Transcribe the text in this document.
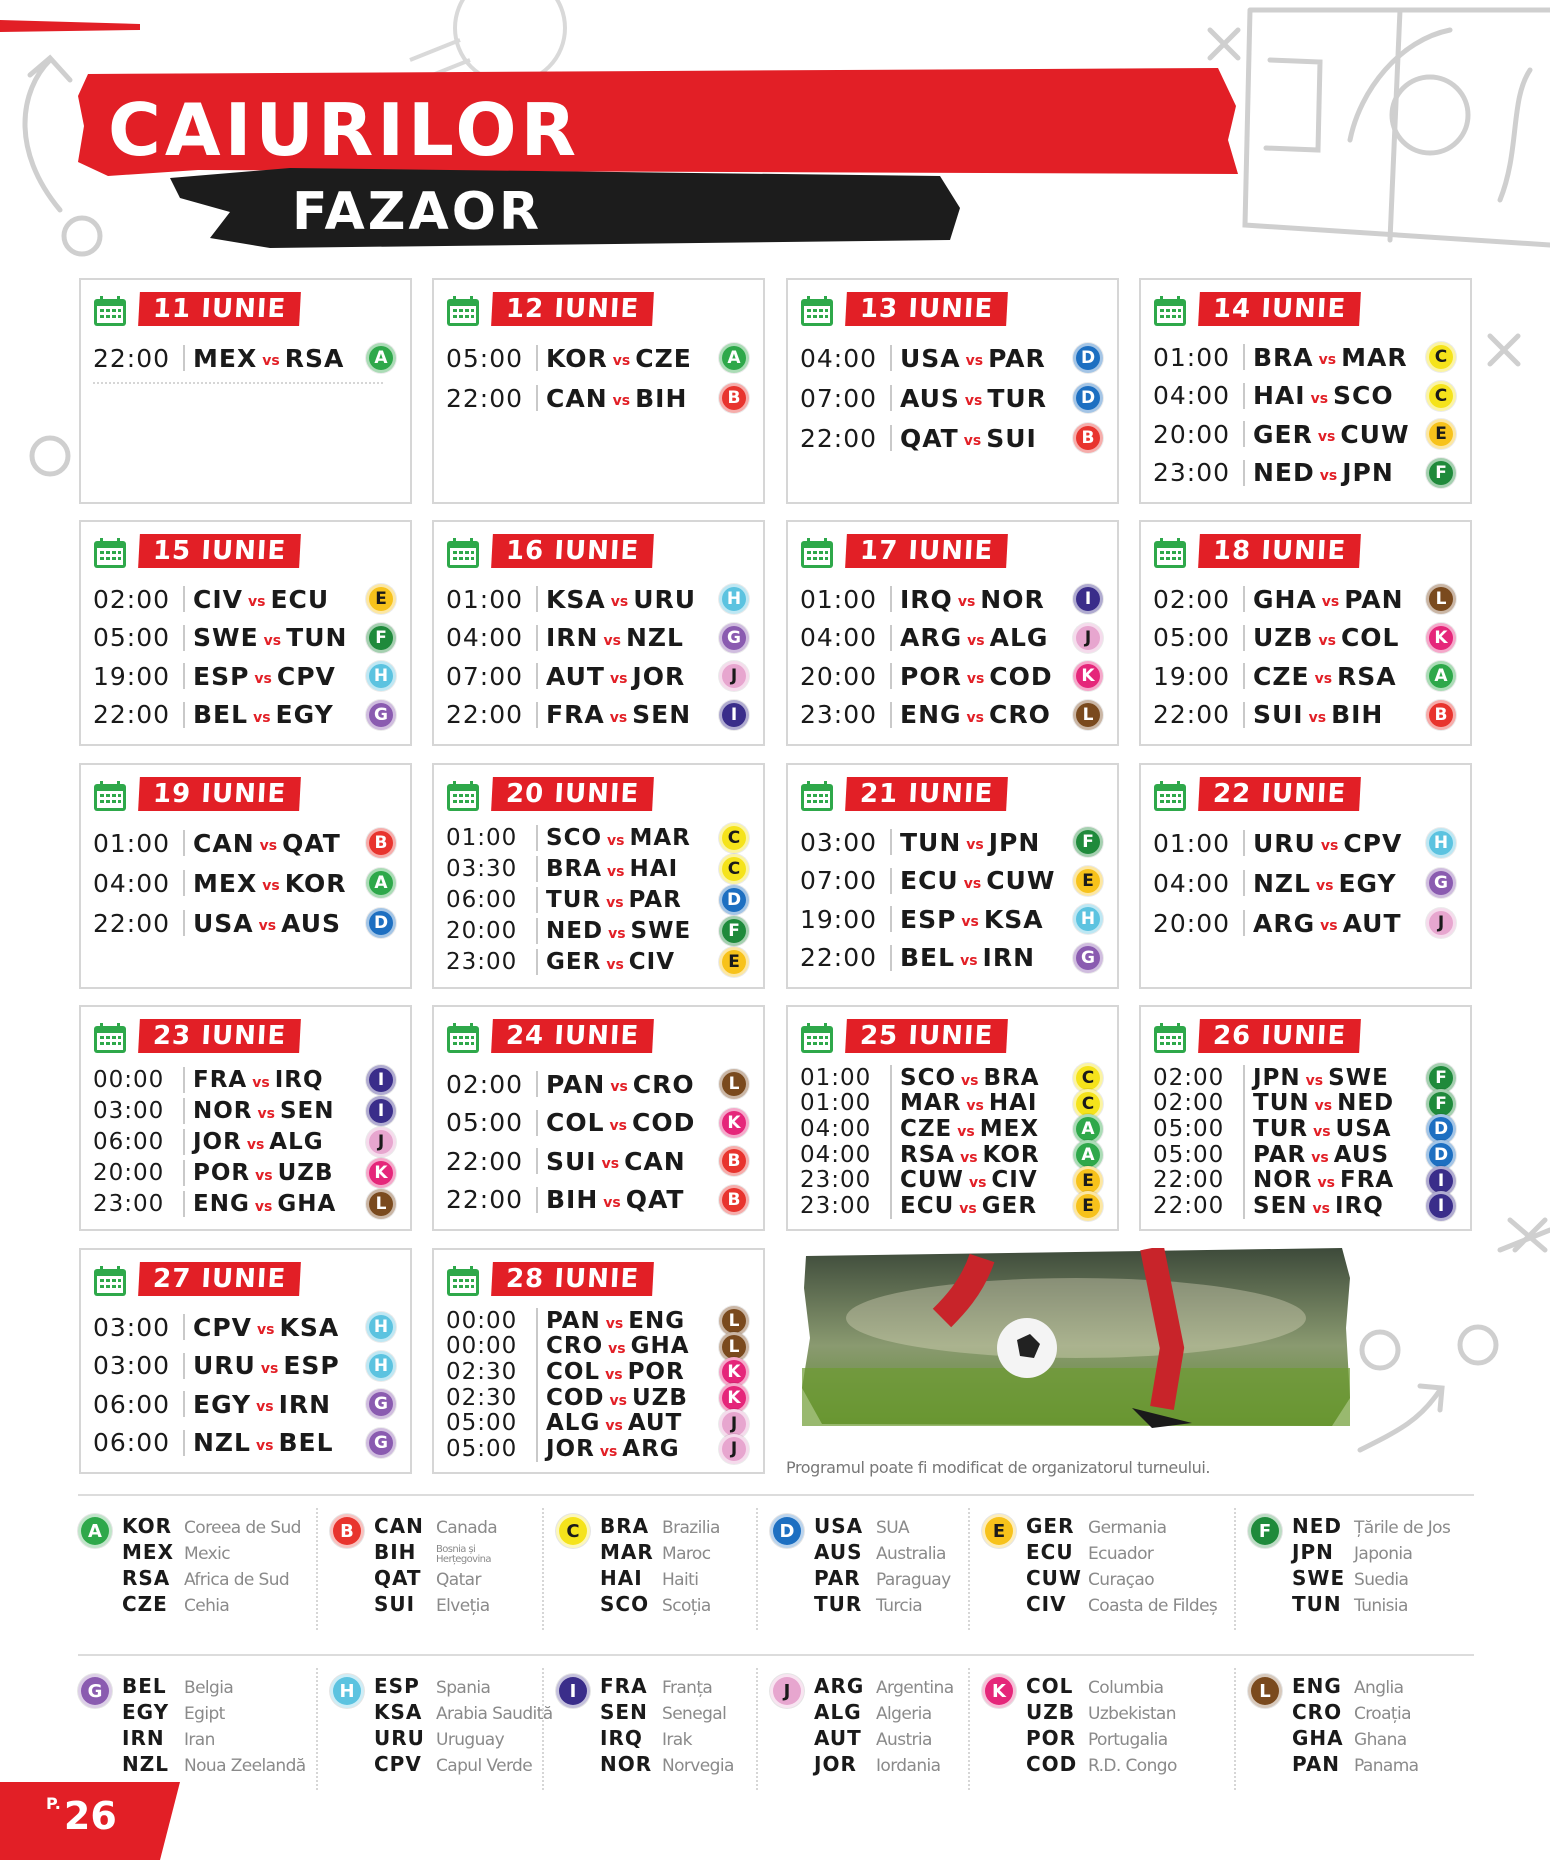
CAIURILOR
FAZAOR
11 IUNIE
22:00 MEX vs RSA	A
12 IUNIE
05:00 KOR vs CZE	A
22:00 CAN vs BIH	B
13 IUNIE
04:00 USA vs PAR	D
07:00 AUS vs TUR	D
22:00 QAT vs SUI	B
14 IUNIE
01:00 BRA vs MAR	C
04:00 HAI vs SCO	C
20:00 GER vs CUW	E
23:00 NED vs JPN	F
15 IUNIE
02:00 CIV vs ECU	E
05:00 SWE vs TUN	F
19:00 ESP vs CPV	H
22:00 BEL vs EGY	G
16 IUNIE
01:00 KSA vs URU	H
04:00 IRN vs NZL	G
07:00 AUT vs JOR	J
22:00 FRA vs SEN	I
17 IUNIE
01:00 IRQ vs NOR	I
04:00 ARG vs ALG	J
20:00 POR vs COD	K
23:00 ENG vs CRO	L
18 IUNIE
02:00 GHA vs PAN	L
05:00 UZB vs COL	K
19:00 CZE vs RSA	A
22:00 SUI vs BIH	B
19 IUNIE
01:00 CAN vs QAT	B
04:00 MEX vs KOR	A
22:00 USA vs AUS	D
20 IUNIE
01:00	SCO vs MAR	C
03:30	BRA vs HAI	C
06:00	TUR vs PAR	D
20:00	NED vs SWE	F
23:00	GER vs CIV	E
21 IUNIE
03:00 TUN vs JPN	F
07:00 ECU vs CUW	E
19:00 ESP vs KSA	H
22:00 BEL vs IRN	G
22 IUNIE
01:00 URU vs CPV	H
04:00 NZL vs EGY	G
20:00 ARG vs AUT	J
23 IUNIE
00:00	FRA vs IRQ	I
03:00	NOR vs SEN	I
06:00	JOR vs ALG	J
20:00	POR vs UZB	K
23:00	ENG vs GHA	L
24 IUNIE
02:00 PAN vs CRO	L
05:00 COL vs COD	K
22:00 SUI vs CAN	B
22:00 BIH vs QAT	B
25 IUNIE
01:00	SCO vs BRA	C
01:00	MAR vs HAI	C
04:00	CZE vs MEX	A
04:00	RSA vs KOR	A
23:00	CUW vs CIV	E
23:00	ECU vs GER	E
26 IUNIE
02:00	JPN vs SWE	F
02:00	TUN vs NED	F
05:00	TUR vs USA	D
05:00	PAR vs AUS	D
22:00	NOR vs FRA	I
22:00	SEN vs IRQ	I
27 IUNIE
03:00 CPV vs KSA	H
03:00 URU vs ESP	H
06:00 EGY vs IRN	G
06:00 NZL vs BEL	G
28 IUNIE
00:00	PAN vs ENG	L
00:00	CRO vs GHA	L
02:30	COL vs POR	K
02:30	COD vs UZB	K
05:00	ALG vs AUT	J
05:00	JOR vs ARG	J
Programul poate fi modificat de organizatorul turneului.
A	KOR Coreea de Sud
MEX Mexic
RSA Africa de Sud
CZE Cehia
B	CAN Canada
BIH Bosnia și Herțegovina
QAT Qatar
SUI Elveția
C	BRA Brazilia
MAR Maroc
HAI Haiti
SCO Scoția
D USA SUA
AUS Australia
PAR Paraguay
TUR Turcia
E	GER Germania
ECU Ecuador
CUW Curaçao
CIV Coasta de Fildeș
F	NED Țările de Jos
JPN Japonia
SWE Suedia
TUN Tunisia
G BEL Belgia
EGY Egipt
IRN Iran
NZL Noua Zeelandă
H ESP Spania
KSA Arabia Saudită
URU Uruguay
CPV Capul Verde
I	FRA Franța
SEN Senegal
IRQ Irak
NOR Norvegia
J	ARG Argentina
ALG Algeria
AUT Austria
JOR Iordania
K	COL Columbia
UZB Uzbekistan
POR Portugalia
COD R.D. Congo
L	ENG Anglia
CRO Croația
GHA Ghana
PAN Panama
$^{P.}$26
